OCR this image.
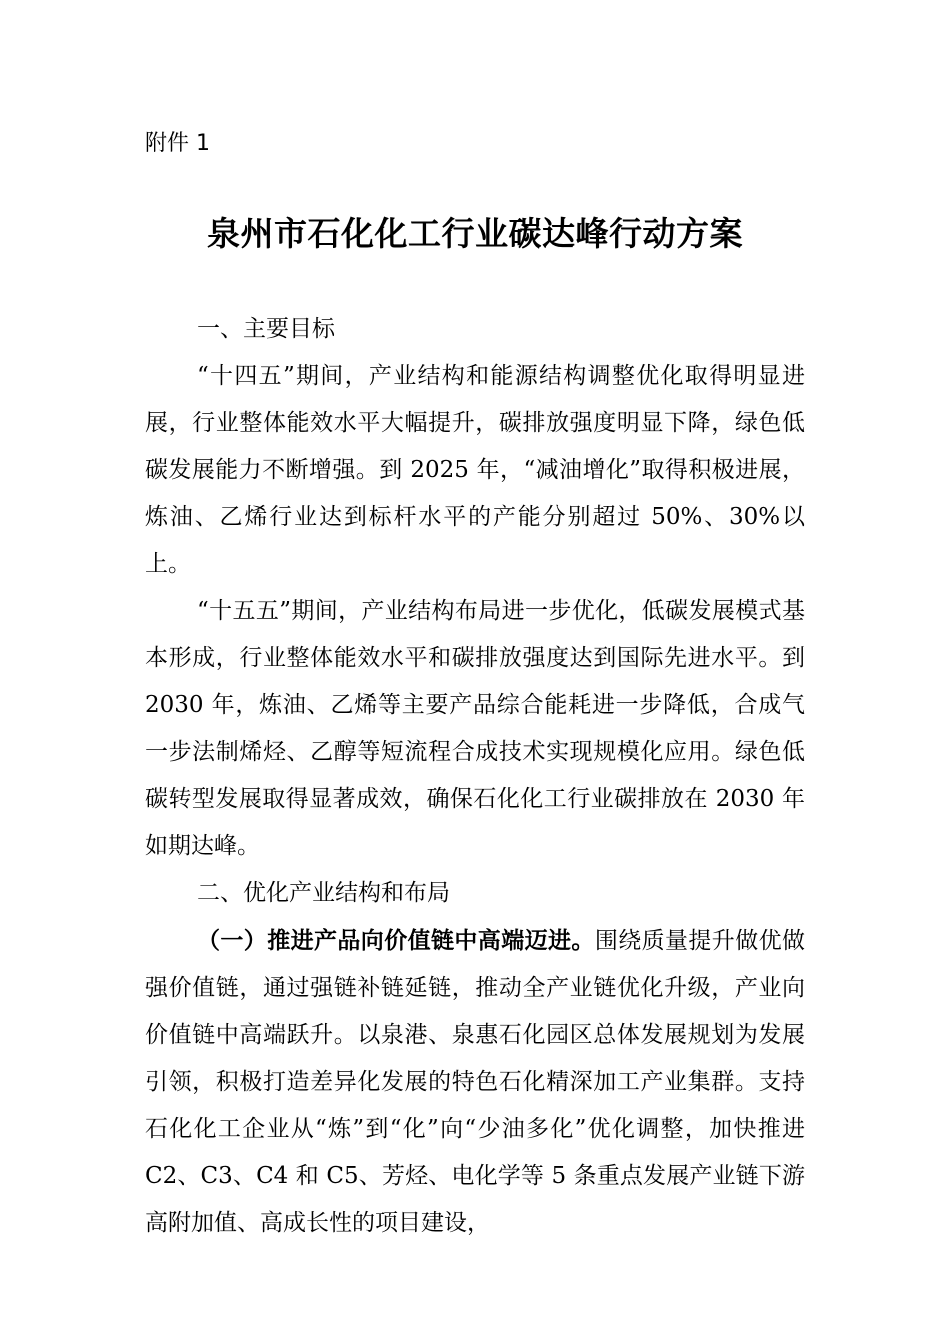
附件 1
泉州市石化化工行业碳达峰行动方案
一、主要目标

“十四五”期间，产业结构和能源结构调整优化取得明显进展，行业整体能效水平大幅提升，碳排放强度明显下降，绿色低碳发展能力不断增强。到 2025 年，“减油增化”取得积极进展，炼油、乙烯行业达到标杆水平的产能分别超过 50%、30%以上。

“十五五”期间，产业结构布局进一步优化，低碳发展模式基本形成，行业整体能效水平和碳排放强度达到国际先进水平。到 2030 年，炼油、乙烯等主要产品综合能耗进一步降低，合成气一步法制烯烃、乙醇等短流程合成技术实现规模化应用。绿色低碳转型发展取得显著成效，确保石化化工行业碳排放在 2030 年如期达峰。

二、优化产业结构和布局

（一）推进产品向价值链中高端迈进。围绕质量提升做优做强价值链，通过强链补链延链，推动全产业链优化升级，产业向价值链中高端跃升。以泉港、泉惠石化园区总体发展规划为发展引领，积极打造差异化发展的特色石化精深加工产业集群。支持石化化工企业从“炼”到“化”向“少油多化”优化调整，加快推进 C2、C3、C4 和 C5、芳烃、电化学等 5 条重点发展产业链下游高附加值、高成长性的项目建设，
